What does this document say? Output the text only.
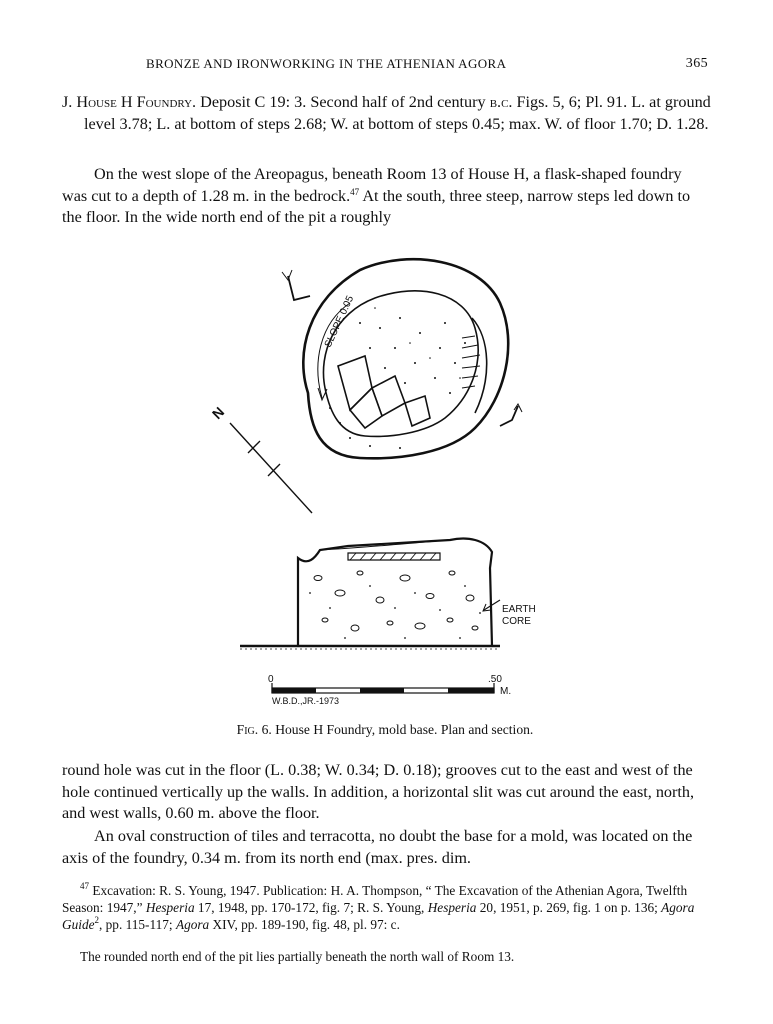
BRONZE AND IRONWORKING IN THE ATHENIAN AGORA	365
J. House H Foundry. Deposit C 19: 3. Second half of 2nd century b.c. Figs. 5, 6; Pl. 91. L. at ground level 3.78; L. at bottom of steps 2.68; W. at bottom of steps 0.45; max. W. of floor 1.70; D. 1.28.
On the west slope of the Areopagus, beneath Room 13 of House H, a flask-shaped foundry was cut to a depth of 1.28 m. in the bedrock.$^{47}$ At the south, three steep, narrow steps led down to the floor. In the wide north end of the pit a roughly
SLOPE 0.05
N
EARTH
CORE
0	.50
M.
W.B.D.,JR.-1973
Fig. 6. House H Foundry, mold base. Plan and section.
round hole was cut in the floor (L. 0.38; W. 0.34; D. 0.18); grooves cut to the east and west of the hole continued vertically up the walls. In addition, a horizontal slit was cut around the east, north, and west walls, 0.60 m. above the floor.
An oval construction of tiles and terracotta, no doubt the base for a mold, was located on the axis of the foundry, 0.34 m. from its north end (max. pres. dim.
$^{47}$ Excavation: R. S. Young, 1947. Publication: H. A. Thompson, “ The Excavation of the Athenian Agora, Twelfth Season: 1947,” Hesperia 17, 1948, pp. 170-172, fig. 7; R. S. Young, Hesperia 20, 1951, p. 269, fig. 1 on p. 136; Agora Guide$^2$, pp. 115-117; Agora XIV, pp. 189-190, fig. 48, pl. 97: c.
The rounded north end of the pit lies partially beneath the north wall of Room 13.
